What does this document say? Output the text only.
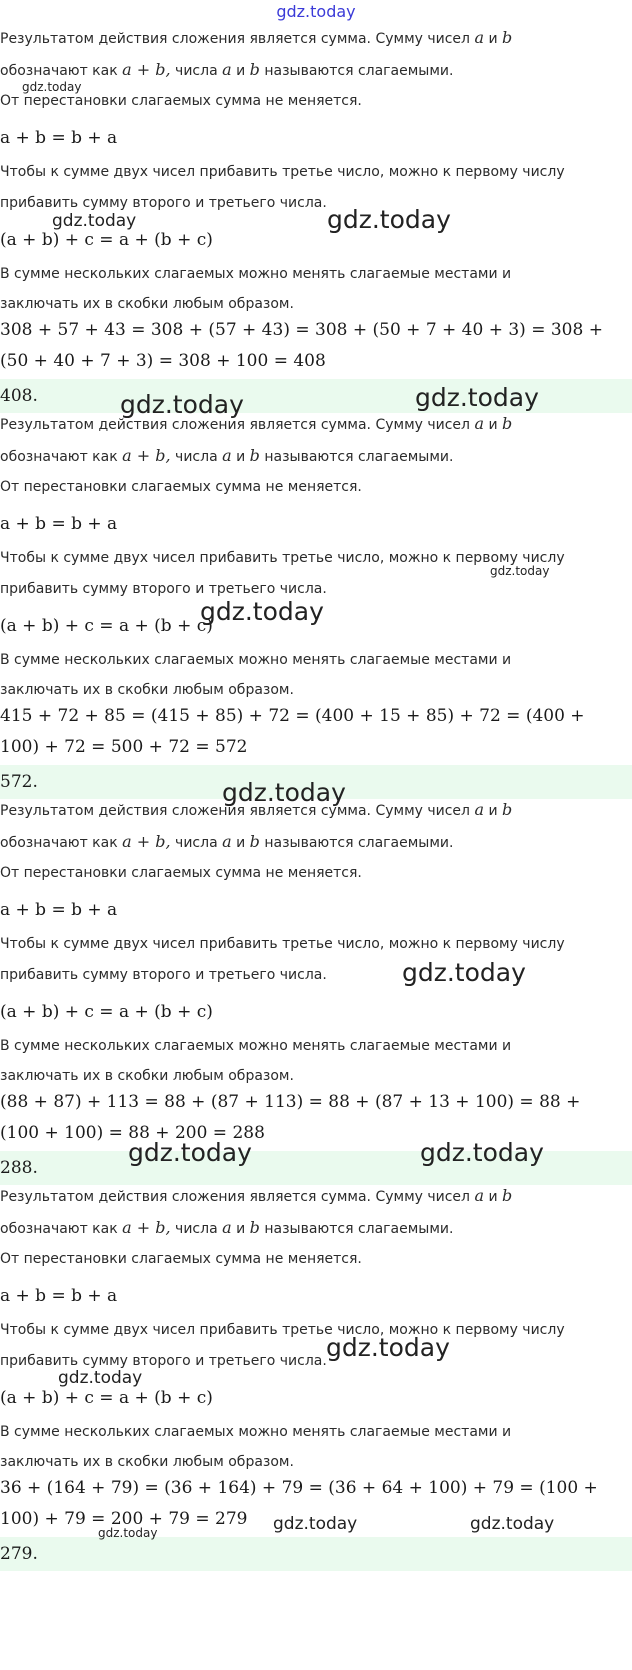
gdz.today
Результатом действия сложения является сумма. Сумму чисел a и b
обозначают как a + b, числа a и b называются слагаемыми.
От перестановки слагаемых сумма не меняется.
a + b = b + a
Чтобы к сумме двух чисел прибавить третье число, можно к первому числу
прибавить сумму второго и третьего числа.
(a + b) + c = a + (b + c)
В сумме нескольких слагаемых можно менять слагаемые местами и
заключать их в скобки любым образом.
308 + 57 + 43 = 308 + (57 + 43) = 308 + (50 + 7 + 40 + 3) = 308 +
(50 + 40 + 7 + 3) = 308 + 100 = 408
408.
Результатом действия сложения является сумма. Сумму чисел a и b
обозначают как a + b, числа a и b называются слагаемыми.
От перестановки слагаемых сумма не меняется.
a + b = b + a
Чтобы к сумме двух чисел прибавить третье число, можно к первому числу
прибавить сумму второго и третьего числа.
(a + b) + c = a + (b + c)
В сумме нескольких слагаемых можно менять слагаемые местами и
заключать их в скобки любым образом.
415 + 72 + 85 = (415 + 85) + 72 = (400 + 15 + 85) + 72 = (400 +
100) + 72 = 500 + 72 = 572
572.
Результатом действия сложения является сумма. Сумму чисел a и b
обозначают как a + b, числа a и b называются слагаемыми.
От перестановки слагаемых сумма не меняется.
a + b = b + a
Чтобы к сумме двух чисел прибавить третье число, можно к первому числу
прибавить сумму второго и третьего числа.
(a + b) + c = a + (b + c)
В сумме нескольких слагаемых можно менять слагаемые местами и
заключать их в скобки любым образом.
(88 + 87) + 113 = 88 + (87 + 113) = 88 + (87 + 13 + 100) = 88 +
(100 + 100) = 88 + 200 = 288
288.
Результатом действия сложения является сумма. Сумму чисел a и b
обозначают как a + b, числа a и b называются слагаемыми.
От перестановки слагаемых сумма не меняется.
a + b = b + a
Чтобы к сумме двух чисел прибавить третье число, можно к первому числу
прибавить сумму второго и третьего числа.
(a + b) + c = a + (b + c)
В сумме нескольких слагаемых можно менять слагаемые местами и
заключать их в скобки любым образом.
36 + (164 + 79) = (36 + 164) + 79 = (36 + 64 + 100) + 79 = (100 +
100) + 79 = 200 + 79 = 279
279.
gdz.today
gdz.today	gdz.today
gdz.today	gdz.today
gdz.today
gdz.today
gdz.today
gdz.today
gdz.today	gdz.today
gdz.today
gdz.today
gdz.today	gdz.today	gdz.today
